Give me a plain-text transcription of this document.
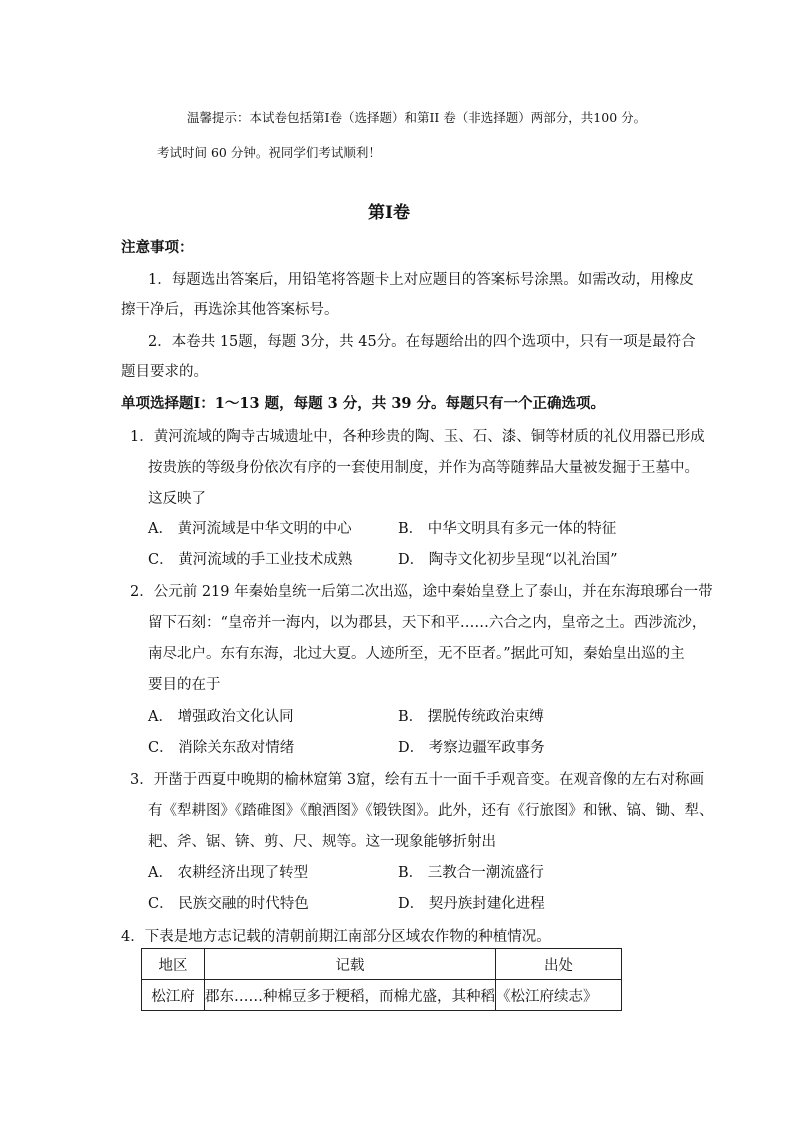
温馨提示：本试卷包括第Ⅰ卷（选择题）和第II 卷（非选择题）两部分，共100 分。
考试时间 60 分钟。祝同学们考试顺利！
第Ⅰ卷
注意事项：
1．每题选出答案后，用铅笔将答题卡上对应题目的答案标号涂黑。如需改动，用橡皮
擦干净后，再选涂其他答案标号。
2．本卷共 15题，每题 3分，共 45分。在每题给出的四个选项中，只有一项是最符合
题目要求的。
单项选择题Ⅰ：1～13 题，每题 3 分，共 39 分。每题只有一个正确选项。
1．黄河流域的陶寺古城遗址中，各种珍贵的陶、玉、石、漆、铜等材质的礼仪用器已形成
按贵族的等级身份依次有序的一套使用制度，并作为高等随葬品大量被发掘于王墓中。
这反映了
A． 黄河流域是中华文明的中心	B． 中华文明具有多元一体的特征
C． 黄河流域的手工业技术成熟	D． 陶寺文化初步呈现“以礼治国”
2．公元前 219 年秦始皇统一后第二次出巡，途中秦始皇登上了泰山，并在东海琅琊台一带
留下石刻：“皇帝并一海内，以为郡县，天下和平……六合之内，皇帝之土。西涉流沙，
南尽北户。东有东海，北过大夏。人迹所至，无不臣者。”据此可知，秦始皇出巡的主
要目的在于
A． 增强政治文化认同	B． 摆脱传统政治束缚
C． 消除关东敌对情绪	D． 考察边疆军政事务
3．开凿于西夏中晚期的榆林窟第 3窟，绘有五十一面千手观音变。在观音像的左右对称画
有《犁耕图》《踏碓图》《酿酒图》《锻铁图》。此外，还有《行旅图》和锹、镐、锄、犁、
耙、斧、锯、锛、剪、尺、规等。这一现象能够折射出
A． 农耕经济出现了转型	B． 三教合一潮流盛行
C． 民族交融的时代特色	D． 契丹族封建化进程
4．下表是地方志记载的清朝前期江南部分区域农作物的种植情况。
地区	记载	出处
松江府	郡东……种棉豆多于粳稻，而棉尤盛，其种稻	《松江府续志》
